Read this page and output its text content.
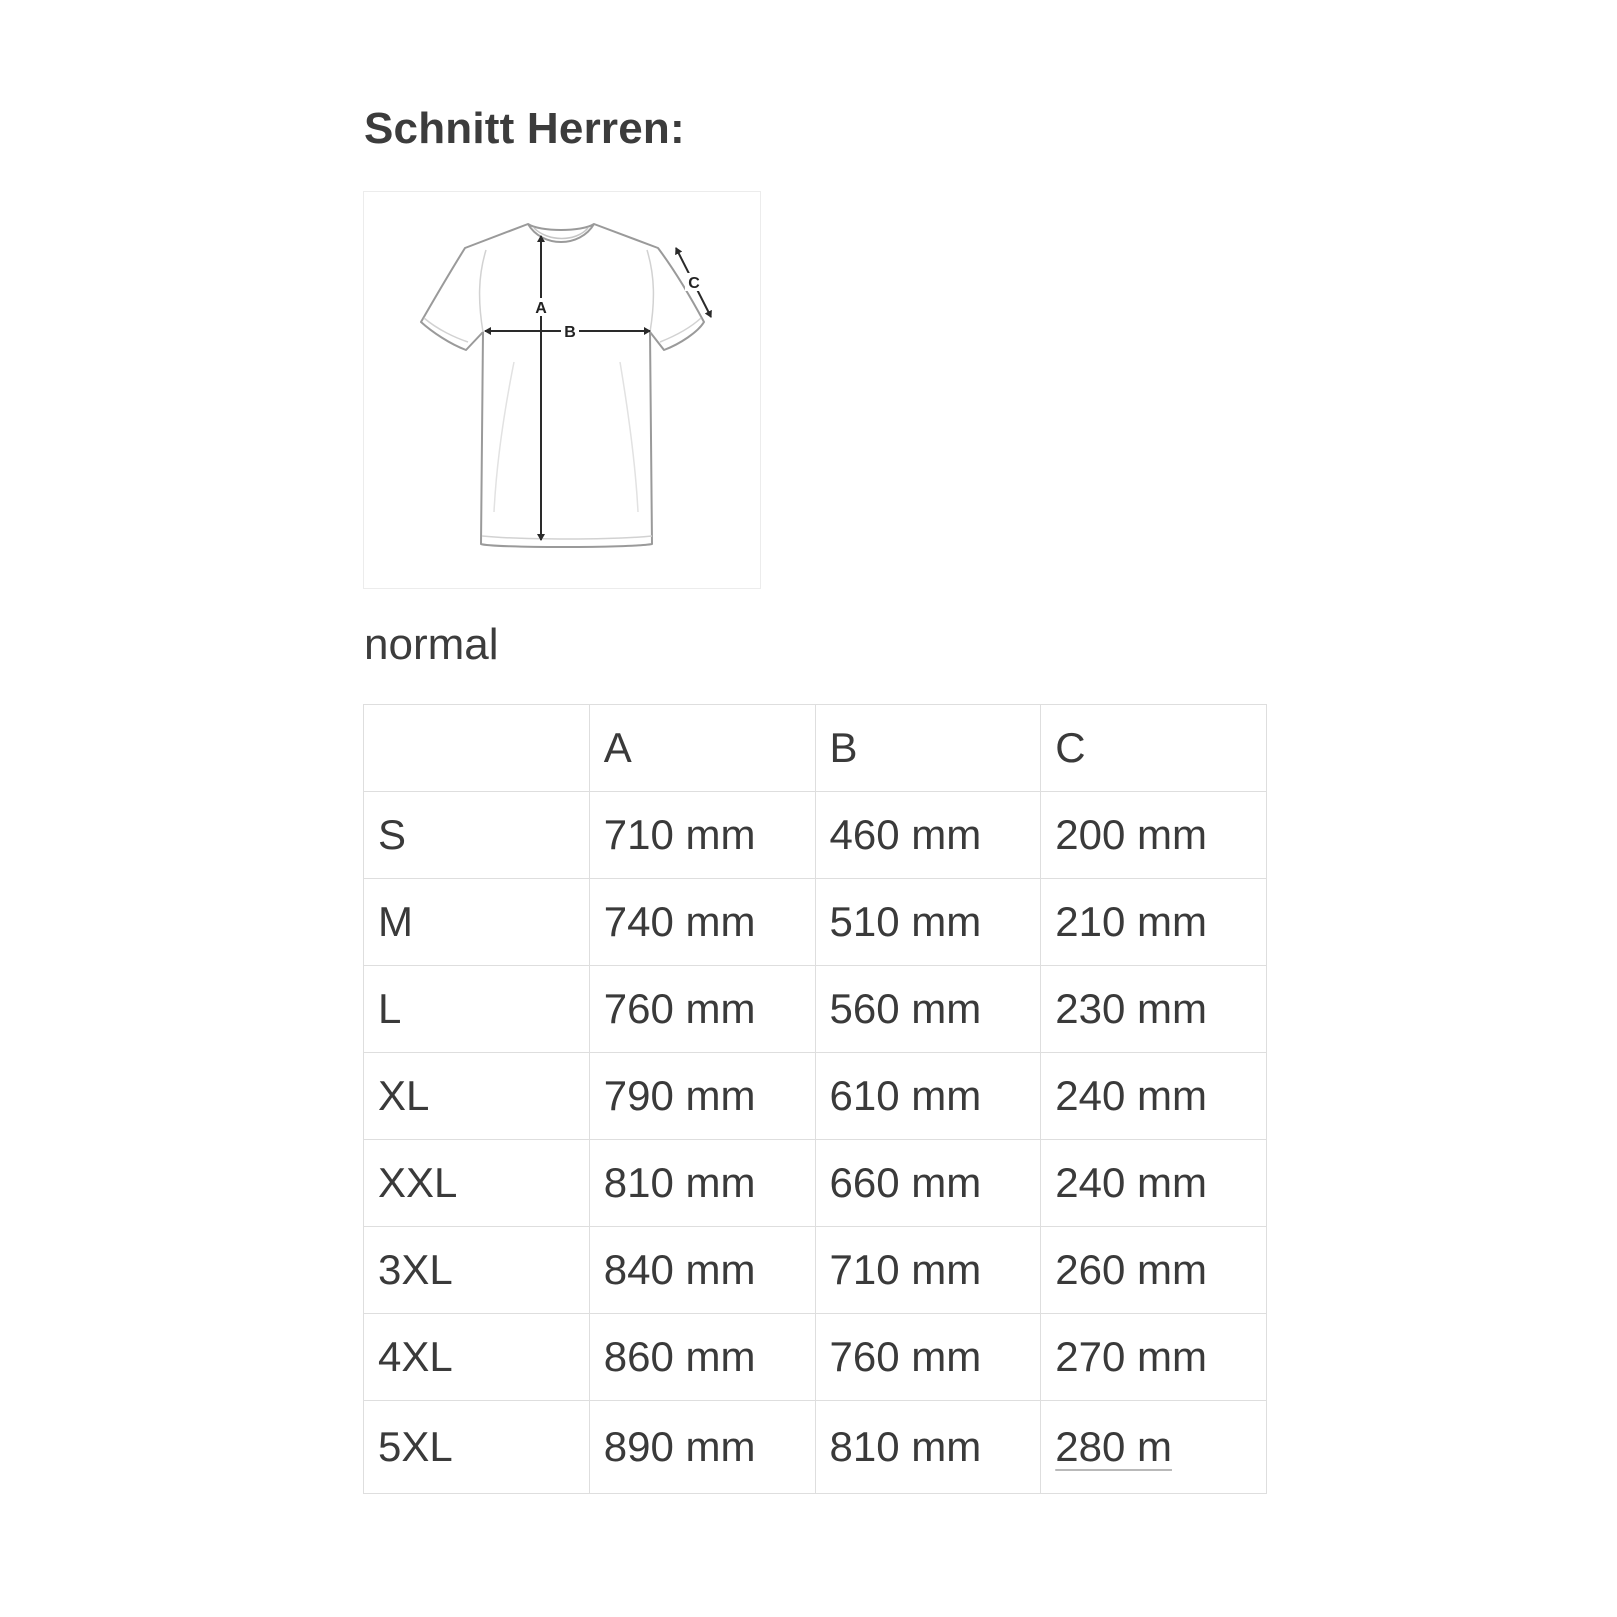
Schnitt Herren:
A
B
C
normal
	A	B	C
S	710 mm	460 mm	200 mm
M	740 mm	510 mm	210 mm
L	760 mm	560 mm	230 mm
XL	790 mm	610 mm	240 mm
XXL	810 mm	660 mm	240 mm
3XL	840 mm	710 mm	260 mm
4XL	860 mm	760 mm	270 mm
5XL	890 mm	810 mm	280 m
